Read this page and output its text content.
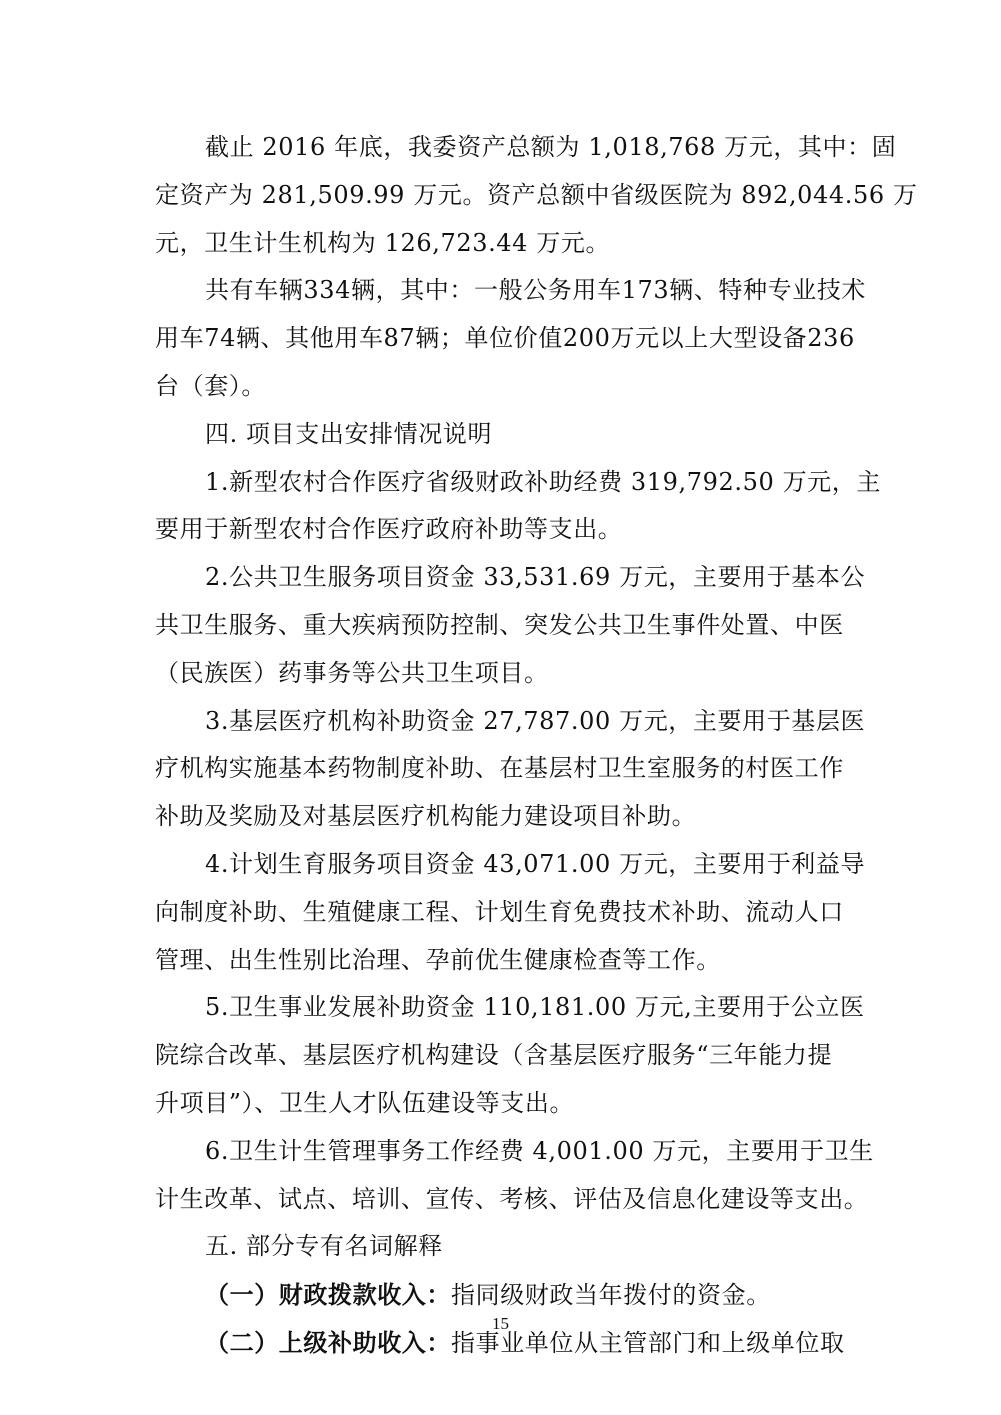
截止 2016 年底，我委资产总额为 1,018,768 万元，其中：固
定资产为 281,509.99 万元。资产总额中省级医院为 892,044.56 万
元，卫生计生机构为 126,723.44 万元。
共有车辆334辆，其中：一般公务用车173辆、特种专业技术
用车74辆、其他用车87辆；单位价值200万元以上大型设备236
台（套）。
四. 项目支出安排情况说明
1.新型农村合作医疗省级财政补助经费 319,792.50 万元，主
要用于新型农村合作医疗政府补助等支出。
2.公共卫生服务项目资金 33,531.69 万元，主要用于基本公
共卫生服务、重大疾病预防控制、突发公共卫生事件处置、中医
（民族医）药事务等公共卫生项目。
3.基层医疗机构补助资金 27,787.00 万元，主要用于基层医
疗机构实施基本药物制度补助、在基层村卫生室服务的村医工作
补助及奖励及对基层医疗机构能力建设项目补助。
4.计划生育服务项目资金 43,071.00 万元，主要用于利益导
向制度补助、生殖健康工程、计划生育免费技术补助、流动人口
管理、出生性别比治理、孕前优生健康检查等工作。
5.卫生事业发展补助资金 110,181.00 万元,主要用于公立医
院综合改革、基层医疗机构建设（含基层医疗服务“三年能力提
升项目”）、卫生人才队伍建设等支出。
6.卫生计生管理事务工作经费 4,001.00 万元，主要用于卫生
计生改革、试点、培训、宣传、考核、评估及信息化建设等支出。
五. 部分专有名词解释
（一）财政拨款收入：指同级财政当年拨付的资金。
（二）上级补助收入：指事业单位从主管部门和上级单位取
15
